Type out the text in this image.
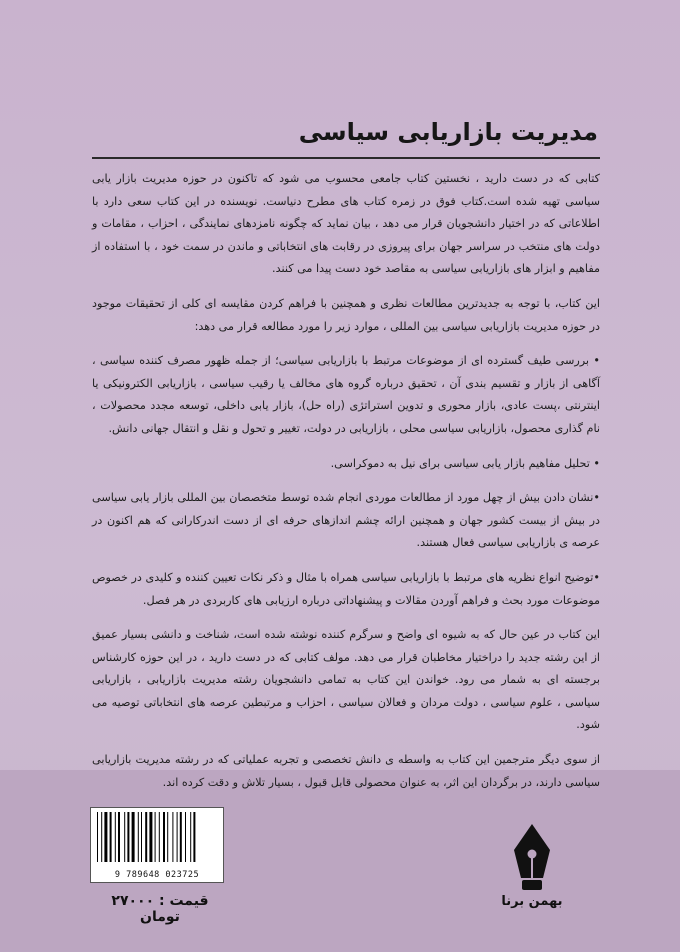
مدیریت بازاریابی سیاسی

کتابی که در دست دارید ، نخستین کتاب جامعی محسوب می شود که تاکنون در حوزه مدیریت بازار یابی سیاسی تهیه شده است.کتاب فوق در زمره کتاب های مطرح دنیاست. نویسنده در این کتاب سعی دارد با اطلاعاتی که در اختیار دانشجویان قرار می دهد ، بیان نماید که چگونه نامزدهای نمایندگی ، احزاب ، مقامات و دولت های منتخب در سراسر جهان برای پیروزی در رقابت های انتخاباتی و ماندن در سمت خود ، با استفاده از مفاهیم و ابزار های بازاریابی سیاسی به مقاصد خود دست پیدا می کنند.

این کتاب، با توجه به جدیدترین مطالعات نظری و همچنین با فراهم کردن مقایسه ای کلی از تحقیقات موجود در حوزه مدیریت بازاریابی سیاسی بین المللی ، موارد زیر را مورد مطالعه قرار می دهد:

• بررسی طیف گسترده ای از موضوعات مرتبط با بازاریابی سیاسی؛ از جمله ظهور مصرف کننده سیاسی ، آگاهی از بازار و تقسیم بندی آن ، تحقیق درباره گروه های مخالف یا رقیب سیاسی ، بازاریابی الکترونیکی یا اینترنتی ،پست عادی، بازار محوری و تدوین استراتژی (راه حل)، بازار یابی داخلی، توسعه مجدد محصولات ، نام گذاری محصول، بازاریابی سیاسی محلی ، بازاریابی در دولت، تغییر و تحول و نقل و انتقال جهانی دانش.

• تحلیل مفاهیم بازار یابی سیاسی برای نیل به دموکراسی.

•نشان دادن بیش از چهل مورد از مطالعات موردی انجام شده توسط متخصصان بین المللی بازار یابی سیاسی در بیش از بیست کشور جهان و همچنین ارائه چشم اندازهای حرفه ای از دست اندرکارانی که هم اکنون در عرصه ی بازاریابی سیاسی فعال هستند.

•توضیح انواع نظریه های مرتبط با بازاریابی سیاسی همراه با مثال و ذکر نکات تعیین کننده و کلیدی در خصوص موضوعات مورد بحث و فراهم آوردن مقالات و پیشنهاداتی درباره ارزیابی های کاربردی در هر فصل.

این کتاب در عین حال که به شیوه ای واضح و سرگرم کننده نوشته شده است، شناخت و دانشی بسیار عمیق از این رشته جدید را دراختیار مخاطبان قرار می دهد. مولف کتابی که در دست دارید ، در این حوزه کارشناس برجسته ای به شمار می رود. خواندن این کتاب به تمامی دانشجویان رشته مدیریت بازاریابی ، بازاریابی سیاسی ، علوم سیاسی ، دولت مردان و فعالان سیاسی ، احزاب و مرتبطین عرصه های انتخاباتی توصیه می شود.

از سوی دیگر مترجمین این کتاب به واسطه ی دانش تخصصی و تجربه عملیاتی که در رشته مدیریت بازاریابی سیاسی دارند، در برگردان این اثر، به عنوان محصولی قابل قبول ، بسیار تلاش و دقت کرده اند.

9 789648 023725
قیمت : ۲۷۰۰۰ تومان
بهمن برنا
